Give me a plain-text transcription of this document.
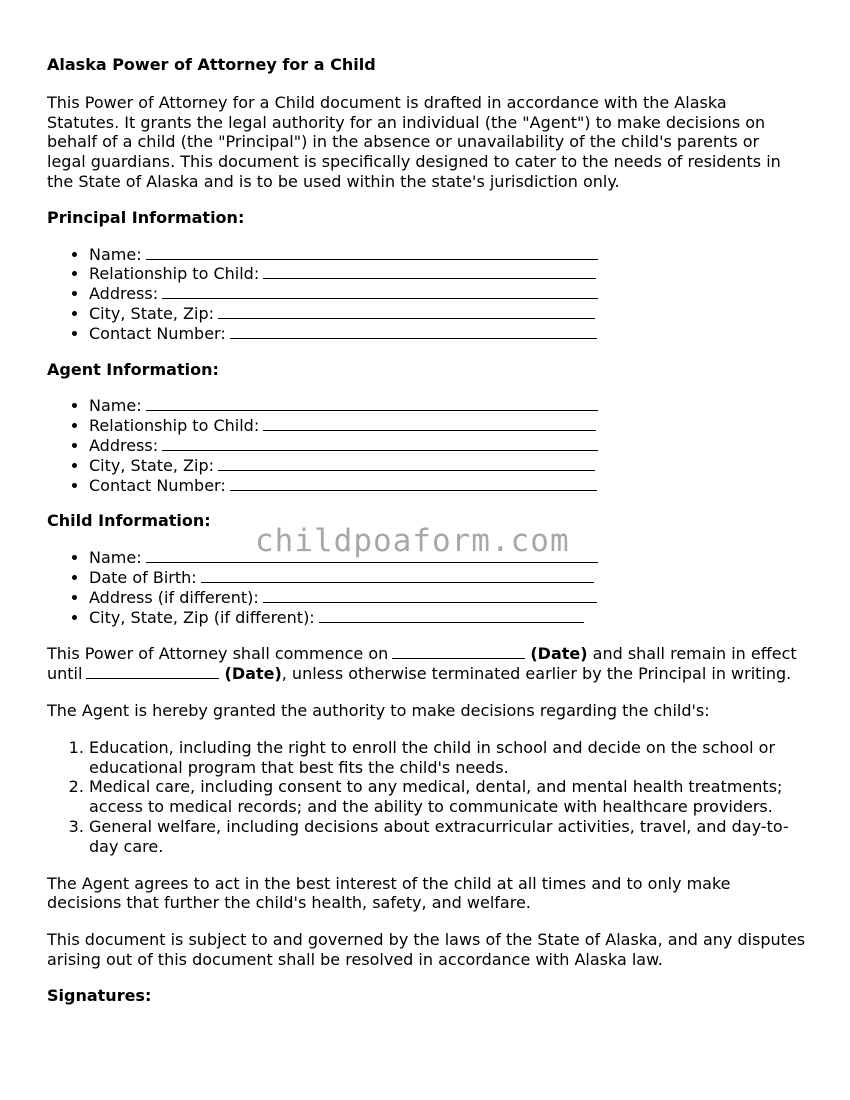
Alaska Power of Attorney for a Child

This Power of Attorney for a Child document is drafted in accordance with the Alaska Statutes. It grants the legal authority for an individual (the "Agent") to make decisions on behalf of a child (the "Principal") in the absence or unavailability of the child's parents or legal guardians. This document is specifically designed to cater to the needs of residents in the State of Alaska and is to be used within the state's jurisdiction only.

Principal Information:
• Name:
• Relationship to Child:
• Address:
• City, State, Zip:
• Contact Number:
Agent Information:
• Name:
• Relationship to Child:
• Address:
• City, State, Zip:
• Contact Number:
Child Information:
• Name:
• Date of Birth:
• Address (if different):
• City, State, Zip (if different):

This Power of Attorney shall commence on	(Date) and shall remain in effect until	(Date), unless otherwise terminated earlier by the Principal in writing.

The Agent is hereby granted the authority to make decisions regarding the child's:

1. Education, including the right to enroll the child in school and decide on the school or educational program that best fits the child's needs.
2. Medical care, including consent to any medical, dental, and mental health treatments; access to medical records; and the ability to communicate with healthcare providers.
3. General welfare, including decisions about extracurricular activities, travel, and day-to-day care.

The Agent agrees to act in the best interest of the child at all times and to only make decisions that further the child's health, safety, and welfare.

This document is subject to and governed by the laws of the State of Alaska, and any disputes arising out of this document shall be resolved in accordance with Alaska law.

Signatures:
childpoaform.com
